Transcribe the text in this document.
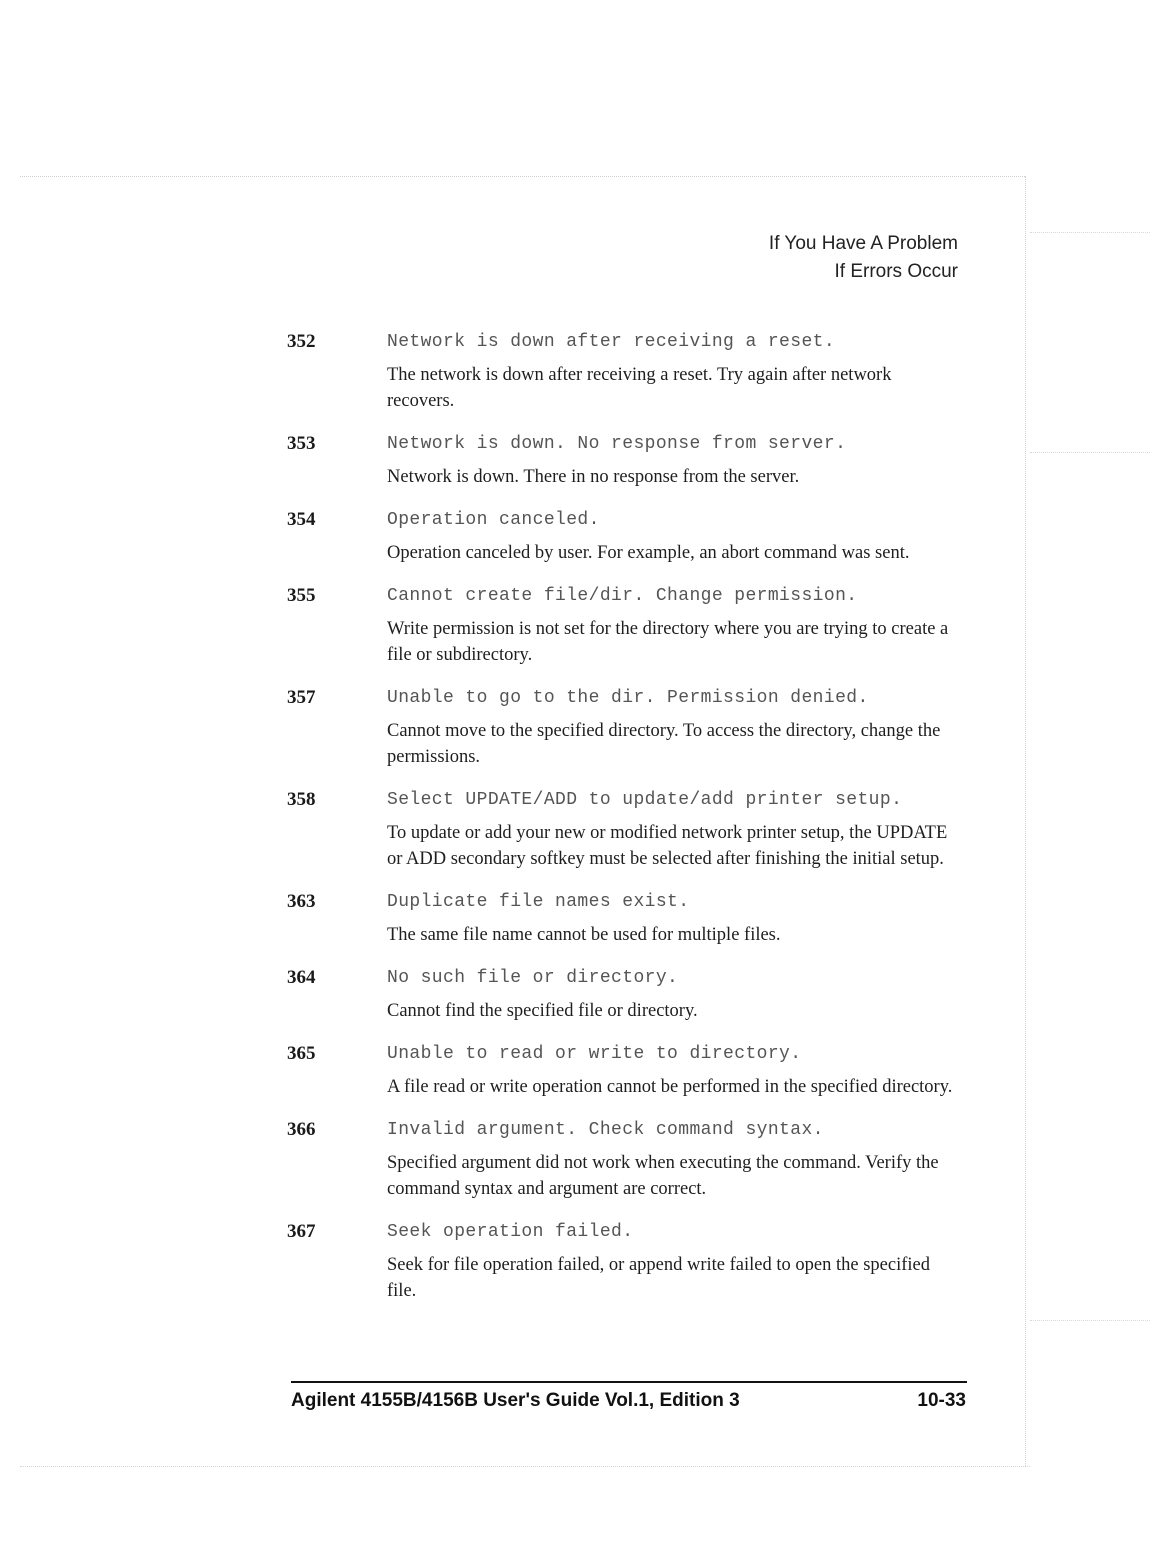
If You Have A Problem
If Errors Occur
352	Network is down after receiving a reset.
The network is down after receiving a reset. Try again after network recovers.
353	Network is down. No response from server.
Network is down. There in no response from the server.
354	Operation canceled.
Operation canceled by user. For example, an abort command was sent.
355	Cannot create file/dir. Change permission.
Write permission is not set for the directory where you are trying to create a file or subdirectory.
357	Unable to go to the dir. Permission denied.
Cannot move to the specified directory. To access the directory, change the permissions.
358	Select UPDATE/ADD to update/add printer setup.
To update or add your new or modified network printer setup, the UPDATE or ADD secondary softkey must be selected after finishing the initial setup.
363	Duplicate file names exist.
The same file name cannot be used for multiple files.
364	No such file or directory.
Cannot find the specified file or directory.
365	Unable to read or write to directory.
A file read or write operation cannot be performed in the specified directory.
366	Invalid argument. Check command syntax.
Specified argument did not work when executing the command. Verify the command syntax and argument are correct.
367	Seek operation failed.
Seek for file operation failed, or append write failed to open the specified file.
Agilent 4155B/4156B User's Guide Vol.1, Edition 3	10-33
